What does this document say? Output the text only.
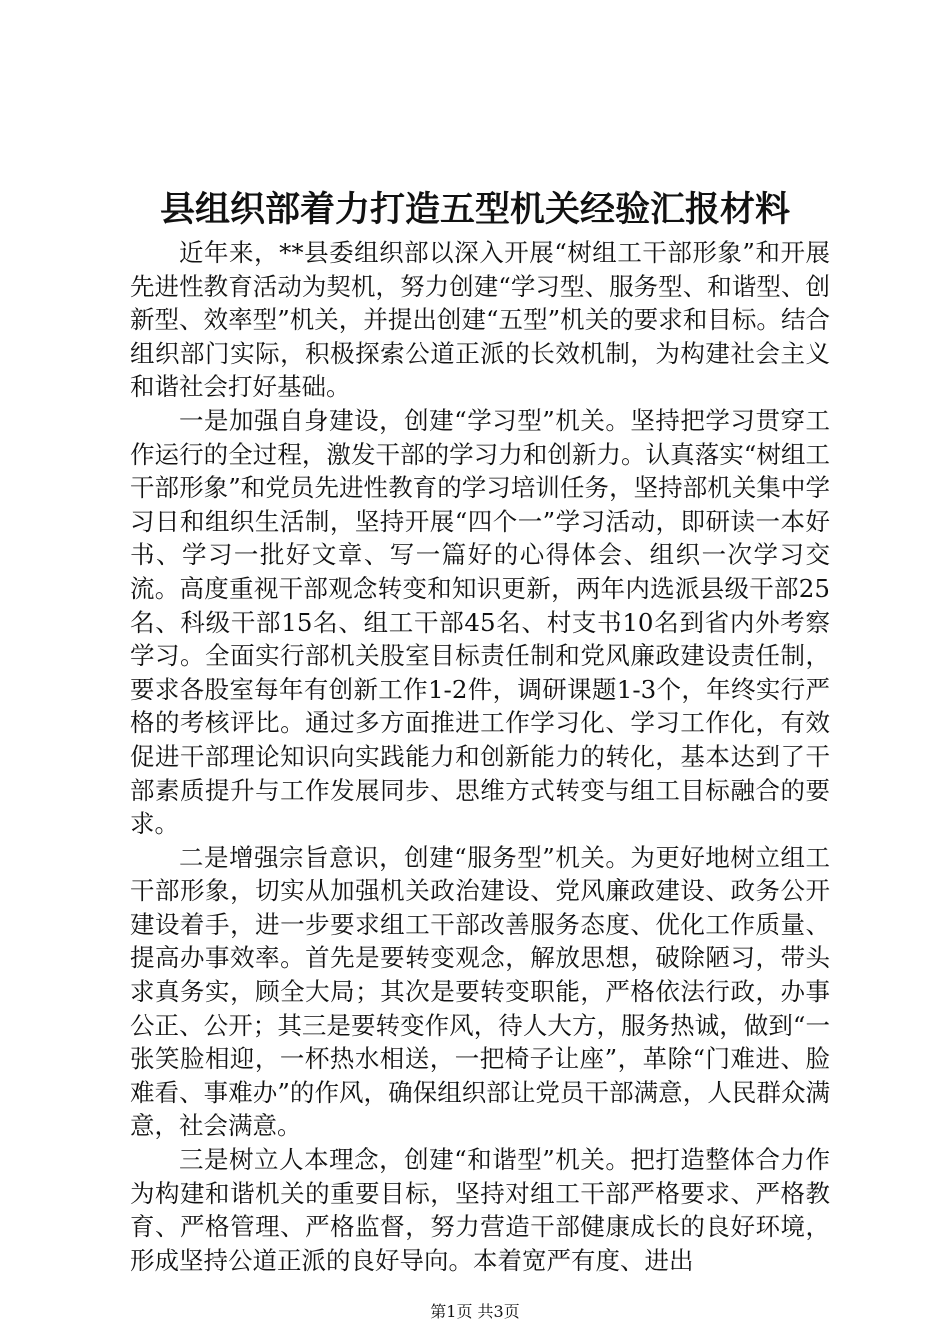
县组织部着力打造五型机关经验汇报材料

近年来，**县委组织部以深入开展“树组工干部形象”和开展先进性教育活动为契机，努力创建“学习型、服务型、和谐型、创新型、效率型”机关，并提出创建“五型”机关的要求和目标。结合组织部门实际，积极探索公道正派的长效机制，为构建社会主义和谐社会打好基础。

一是加强自身建设，创建“学习型”机关。坚持把学习贯穿工作运行的全过程，激发干部的学习力和创新力。认真落实“树组工干部形象”和党员先进性教育的学习培训任务，坚持部机关集中学习日和组织生活制，坚持开展“四个一”学习活动，即研读一本好书、学习一批好文章、写一篇好的心得体会、组织一次学习交流。高度重视干部观念转变和知识更新，两年内选派县级干部25名、科级干部15名、组工干部45名、村支书10名到省内外考察学习。全面实行部机关股室目标责任制和党风廉政建设责任制，要求各股室每年有创新工作1-2件，调研课题1-3个，年终实行严格的考核评比。通过多方面推进工作学习化、学习工作化，有效促进干部理论知识向实践能力和创新能力的转化，基本达到了干部素质提升与工作发展同步、思维方式转变与组工目标融合的要求。

二是增强宗旨意识，创建“服务型”机关。为更好地树立组工干部形象，切实从加强机关政治建设、党风廉政建设、政务公开建设着手，进一步要求组工干部改善服务态度、优化工作质量、提高办事效率。首先是要转变观念，解放思想，破除陋习，带头求真务实，顾全大局；其次是要转变职能，严格依法行政，办事公正、公开；其三是要转变作风，待人大方，服务热诚，做到“一张笑脸相迎，一杯热水相送，一把椅子让座”，革除“门难进、脸难看、事难办”的作风，确保组织部让党员干部满意，人民群众满意，社会满意。

三是树立人本理念，创建“和谐型”机关。把打造整体合力作为构建和谐机关的重要目标，坚持对组工干部严格要求、严格教育、严格管理、严格监督，努力营造干部健康成长的良好环境，形成坚持公道正派的良好导向。本着宽严有度、进出

第1页 共3页
